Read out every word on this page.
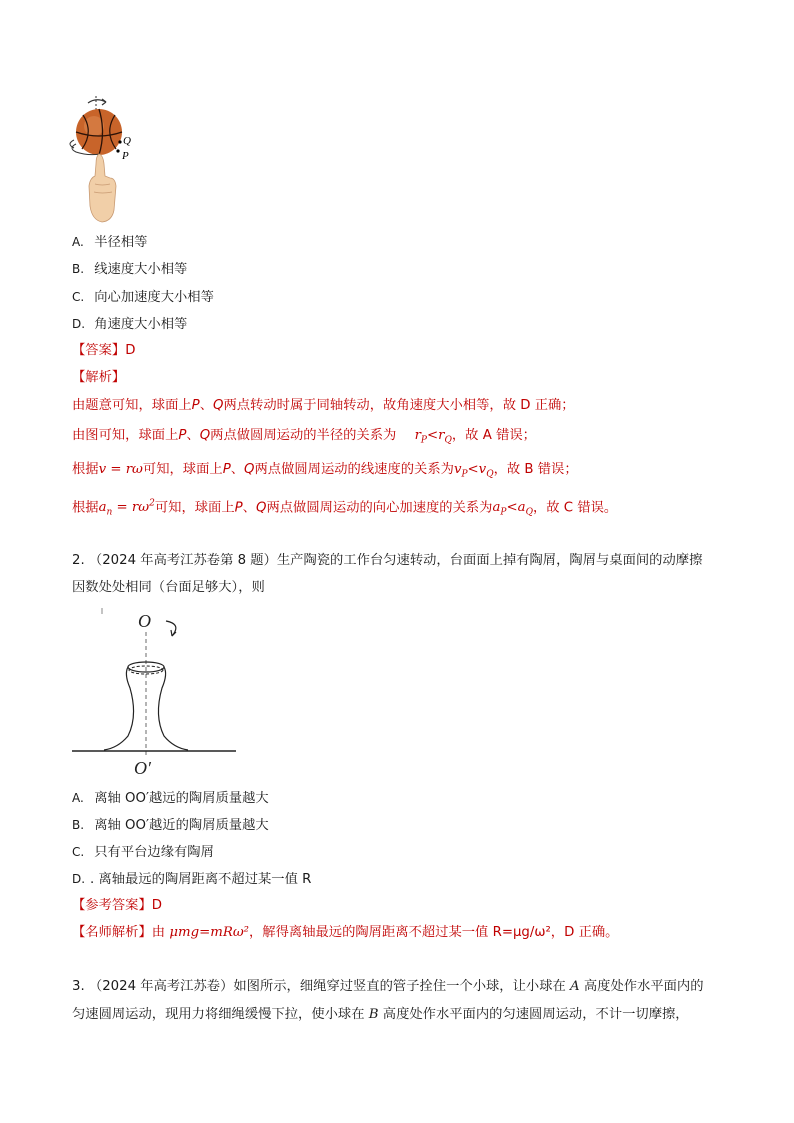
Q
P
A. 半径相等
B. 线速度大小相等
C. 向心加速度大小相等
D. 角速度大小相等
【答案】D
【解析】
由题意可知，球面上P、Q两点转动时属于同轴转动，故角速度大小相等，故 D 正确；
由图可知，球面上P、Q两点做圆周运动的半径的关系为 $r_P<r_Q$，故 A 错误；
根据v = rω可知，球面上P、Q两点做圆周运动的线速度的关系为$v_P<v_Q$，故 B 错误；
根据$a_n = r\omega^2$可知，球面上P、Q两点做圆周运动的向心加速度的关系为$a_P<a_Q$，故 C 错误。
2. （2024 年高考江苏卷第 8 题）生产陶瓷的工作台匀速转动，台面面上掉有陶屑，陶屑与桌面间的动摩擦
因数处处相同（台面足够大），则
O
O′
A. 离轴 OO′越远的陶屑质量越大
B. 离轴 OO′越近的陶屑质量越大
C. 只有平台边缘有陶屑
D. . 离轴最远的陶屑距离不超过某一值 R
【参考答案】D
【名师解析】由 μmg=mRω²，解得离轴最远的陶屑距离不超过某一值 R=μg/ω²，D 正确。
3. （2024 年高考江苏卷）如图所示，细绳穿过竖直的管子拴住一个小球，让小球在 A 高度处作水平面内的
匀速圆周运动，现用力将细绳缓慢下拉，使小球在 B 高度处作水平面内的匀速圆周运动，不计一切摩擦，
